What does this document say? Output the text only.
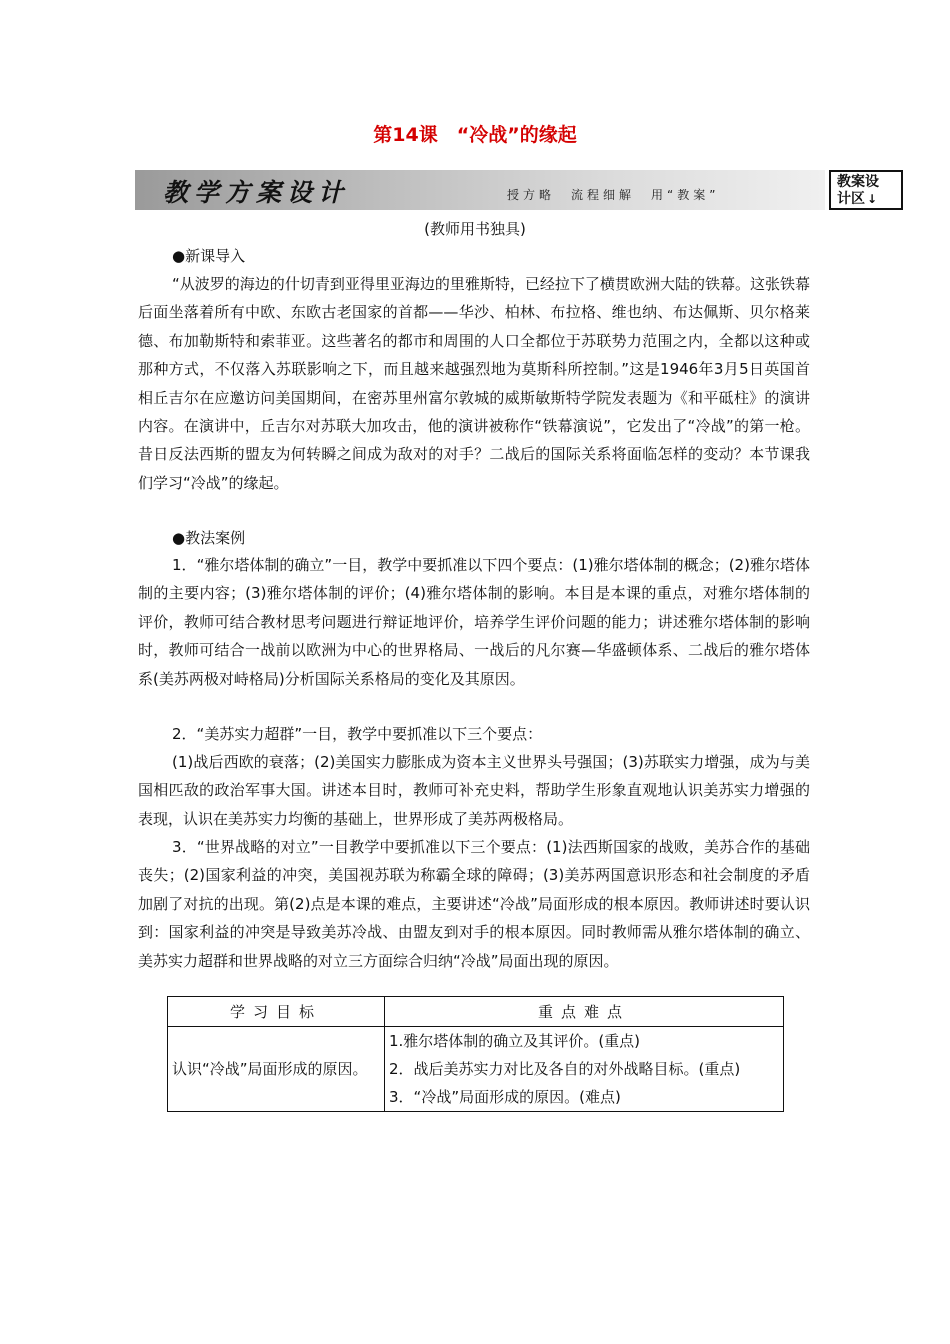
第14课　“冷战”的缘起
教学方案设计	授方略　流程细解　用“教案”
教案设
计区 ↓
(教师用书独具)
●新课导入
“从波罗的海边的什切青到亚得里亚海边的里雅斯特，已经拉下了横贯欧洲大陆的铁幕。这张铁幕后面坐落着所有中欧、东欧古老国家的首都——华沙、柏林、布拉格、维也纳、布达佩斯、贝尔格莱德、布加勒斯特和索菲亚。这些著名的都市和周围的人口全都位于苏联势力范围之内，全都以这种或那种方式，不仅落入苏联影响之下，而且越来越强烈地为莫斯科所控制。”这是1946年3月5日英国首相丘吉尔在应邀访问美国期间，在密苏里州富尔敦城的威斯敏斯特学院发表题为《和平砥柱》的演讲内容。在演讲中，丘吉尔对苏联大加攻击，他的演讲被称作“铁幕演说”，它发出了“冷战”的第一枪。昔日反法西斯的盟友为何转瞬之间成为敌对的对手？二战后的国际关系将面临怎样的变动？本节课我们学习“冷战”的缘起。
●教法案例
1．“雅尔塔体制的确立”一目，教学中要抓准以下四个要点：(1)雅尔塔体制的概念；(2)雅尔塔体制的主要内容；(3)雅尔塔体制的评价；(4)雅尔塔体制的影响。本目是本课的重点，对雅尔塔体制的评价，教师可结合教材思考问题进行辩证地评价，培养学生评价问题的能力；讲述雅尔塔体制的影响时，教师可结合一战前以欧洲为中心的世界格局、一战后的凡尔赛—华盛顿体系、二战后的雅尔塔体系(美苏两极对峙格局)分析国际关系格局的变化及其原因。
2．“美苏实力超群”一目，教学中要抓准以下三个要点：
(1)战后西欧的衰落；(2)美国实力膨胀成为资本主义世界头号强国；(3)苏联实力增强，成为与美国相匹敌的政治军事大国。讲述本目时，教师可补充史料，帮助学生形象直观地认识美苏实力增强的表现，认识在美苏实力均衡的基础上，世界形成了美苏两极格局。
3．“世界战略的对立”一目教学中要抓准以下三个要点：(1)法西斯国家的战败，美苏合作的基础丧失；(2)国家利益的冲突，美国视苏联为称霸全球的障碍；(3)美苏两国意识形态和社会制度的矛盾加剧了对抗的出现。第(2)点是本课的难点，主要讲述“冷战”局面形成的根本原因。教师讲述时要认识到：国家利益的冲突是导致美苏冷战、由盟友到对手的根本原因。同时教师需从雅尔塔体制的确立、美苏实力超群和世界战略的对立三方面综合归纳“冷战”局面出现的原因。
学习目标	重点难点
认识“冷战”局面形成的原因。	1.雅尔塔体制的确立及其评价。(重点)
2．战后美苏实力对比及各自的对外战略目标。(重点)
3．“冷战”局面形成的原因。(难点)
